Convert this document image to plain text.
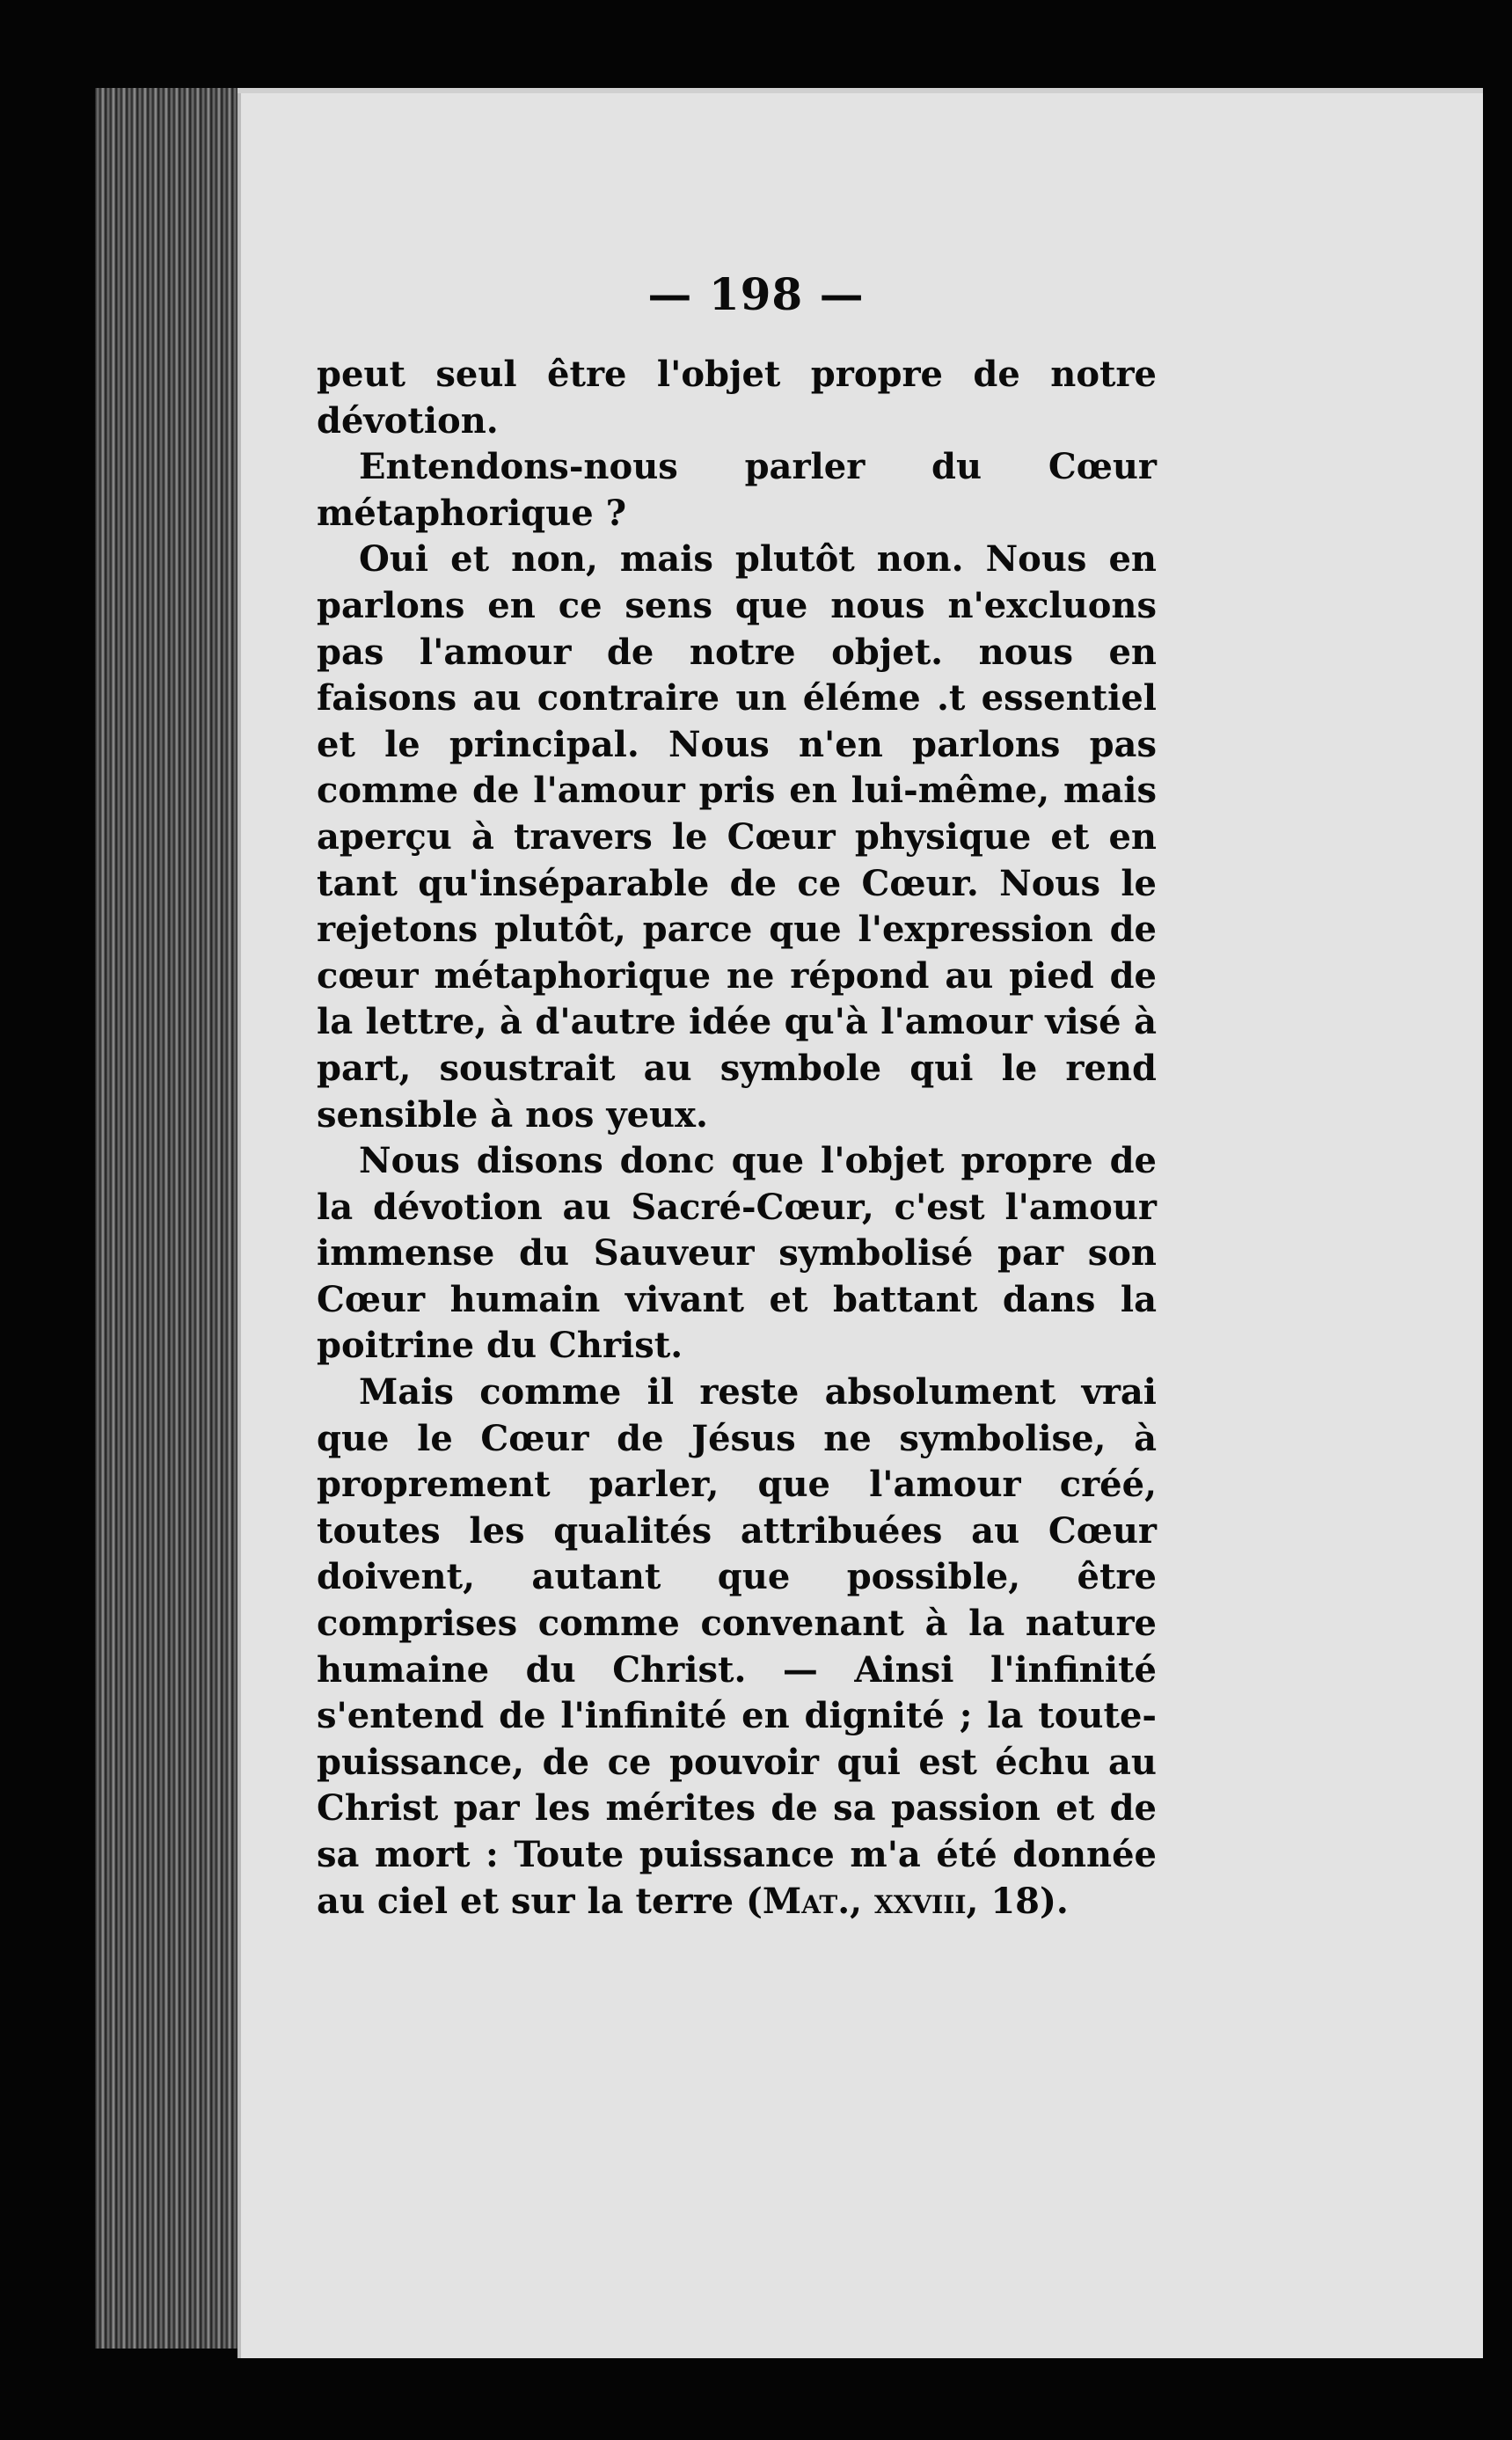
— 198 —

peut seul être l'objet propre de notre dévotion.

Entendons-nous parler du Cœur métaphorique ?

Oui et non, mais plutôt non. Nous en parlons en ce sens que nous n'excluons pas l'amour de notre objet. nous en faisons au contraire un éléme .t essentiel et le principal. Nous n'en parlons pas comme de l'amour pris en lui-même, mais aperçu à travers le Cœur physique et en tant qu'inséparable de ce Cœur. Nous le rejetons plutôt, parce que l'expression de cœur métaphorique ne répond au pied de la lettre, à d'autre idée qu'à l'amour visé à part, soustrait au symbole qui le rend sensible à nos yeux.

Nous disons donc que l'objet propre de la dévotion au Sacré-Cœur, c'est l'amour immense du Sauveur symbolisé par son Cœur humain vivant et battant dans la poitrine du Christ.

Mais comme il reste absolument vrai que le Cœur de Jésus ne symbolise, à proprement parler, que l'amour créé, toutes les qualités attribuées au Cœur doivent, autant que possible, être comprises comme convenant à la nature humaine du Christ. — Ainsi l'infinité s'entend de l'infinité en dignité ; la toute-puissance, de ce pouvoir qui est échu au Christ par les mérites de sa passion et de sa mort : Toute puissance m'a été donnée au ciel et sur la terre (Mat., xxviii, 18).
